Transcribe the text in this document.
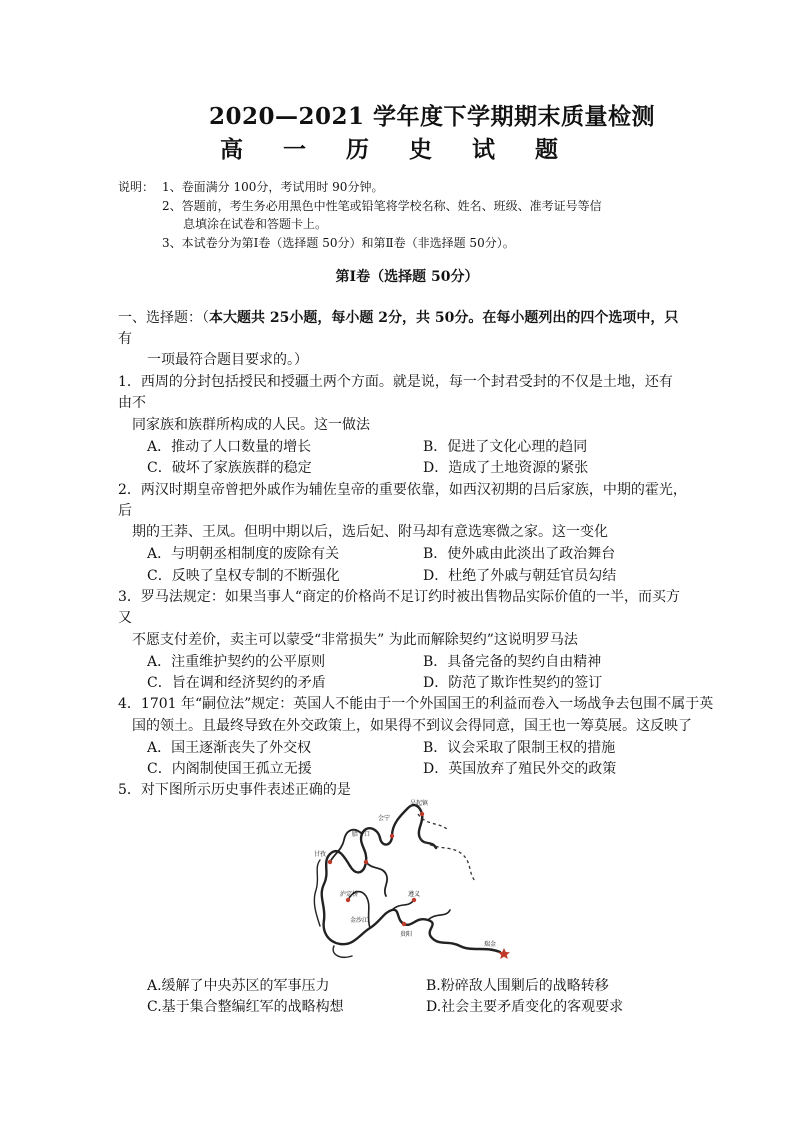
2020—2021 学年度下学期期末质量检测
高 一 历 史 试 题
说明： 1、卷面满分 100分，考试用时 90分钟。
2、答题前，考生务必用黑色中性笔或铅笔将学校名称、姓名、班级、准考证号等信
息填涂在试卷和答题卡上。
3、本试卷分为第Ⅰ卷（选择题 50分）和第Ⅱ卷（非选择题 50分）。
第Ⅰ卷（选择题 50分）
一、选择题：（本大题共 25小题，每小题 2分，共 50分。在每小题列出的四个选项中，只
有
一项最符合题目要求的。）
1．西周的分封包括授民和授疆土两个方面。就是说，每一个封君受封的不仅是土地，还有
由不
同家族和族群所构成的人民。这一做法
A．推动了人口数量的增长	B．促进了文化心理的趋同
C．破坏了家族族群的稳定	D．造成了土地资源的紧张
2．两汉时期皇帝曾把外戚作为辅佐皇帝的重要依靠，如西汉初期的吕后家族，中期的霍光，
后
期的王莽、王凤。但明中期以后，选后妃、附马却有意选寒微之家。这一变化
A．与明朝丞相制度的废除有关	B．使外戚由此淡出了政治舞台
C．反映了皇权专制的不断强化	D．杜绝了外戚与朝廷官员勾结
3．罗马法规定：如果当事人“商定的价格尚不足订约时被出售物品实际价值的一半，而买方
又
不愿支付差价，卖主可以蒙受“非常损失” 为此而解除契约”这说明罗马法
A．注重维护契约的公平原则	B．具备完备的契约自由精神
C．旨在调和经济契约的矛盾	D．防范了欺诈性契约的签订
4．1701 年“嗣位法”规定：英国人不能由于一个外国国王的利益而卷入一场战争去包围不属于英
国的领土。且最终导致在外交政策上，如果得不到议会得同意，国王也一筹莫展。这反映了
A．国王逐渐丧失了外交权	B．议会采取了限制王权的措施
C．内阁制使国王孤立无援	D．英国放弃了殖民外交的政策
5．对下图所示历史事件表述正确的是
吴起镇
会宁
腊子口
甘孜
泸定桥
金沙江
遵义
贵阳
瑞金
A.缓解了中央苏区的军事压力	B.粉碎敌人围剿后的战略转移
C.基于集合整编红军的战略构想	D.社会主要矛盾变化的客观要求
